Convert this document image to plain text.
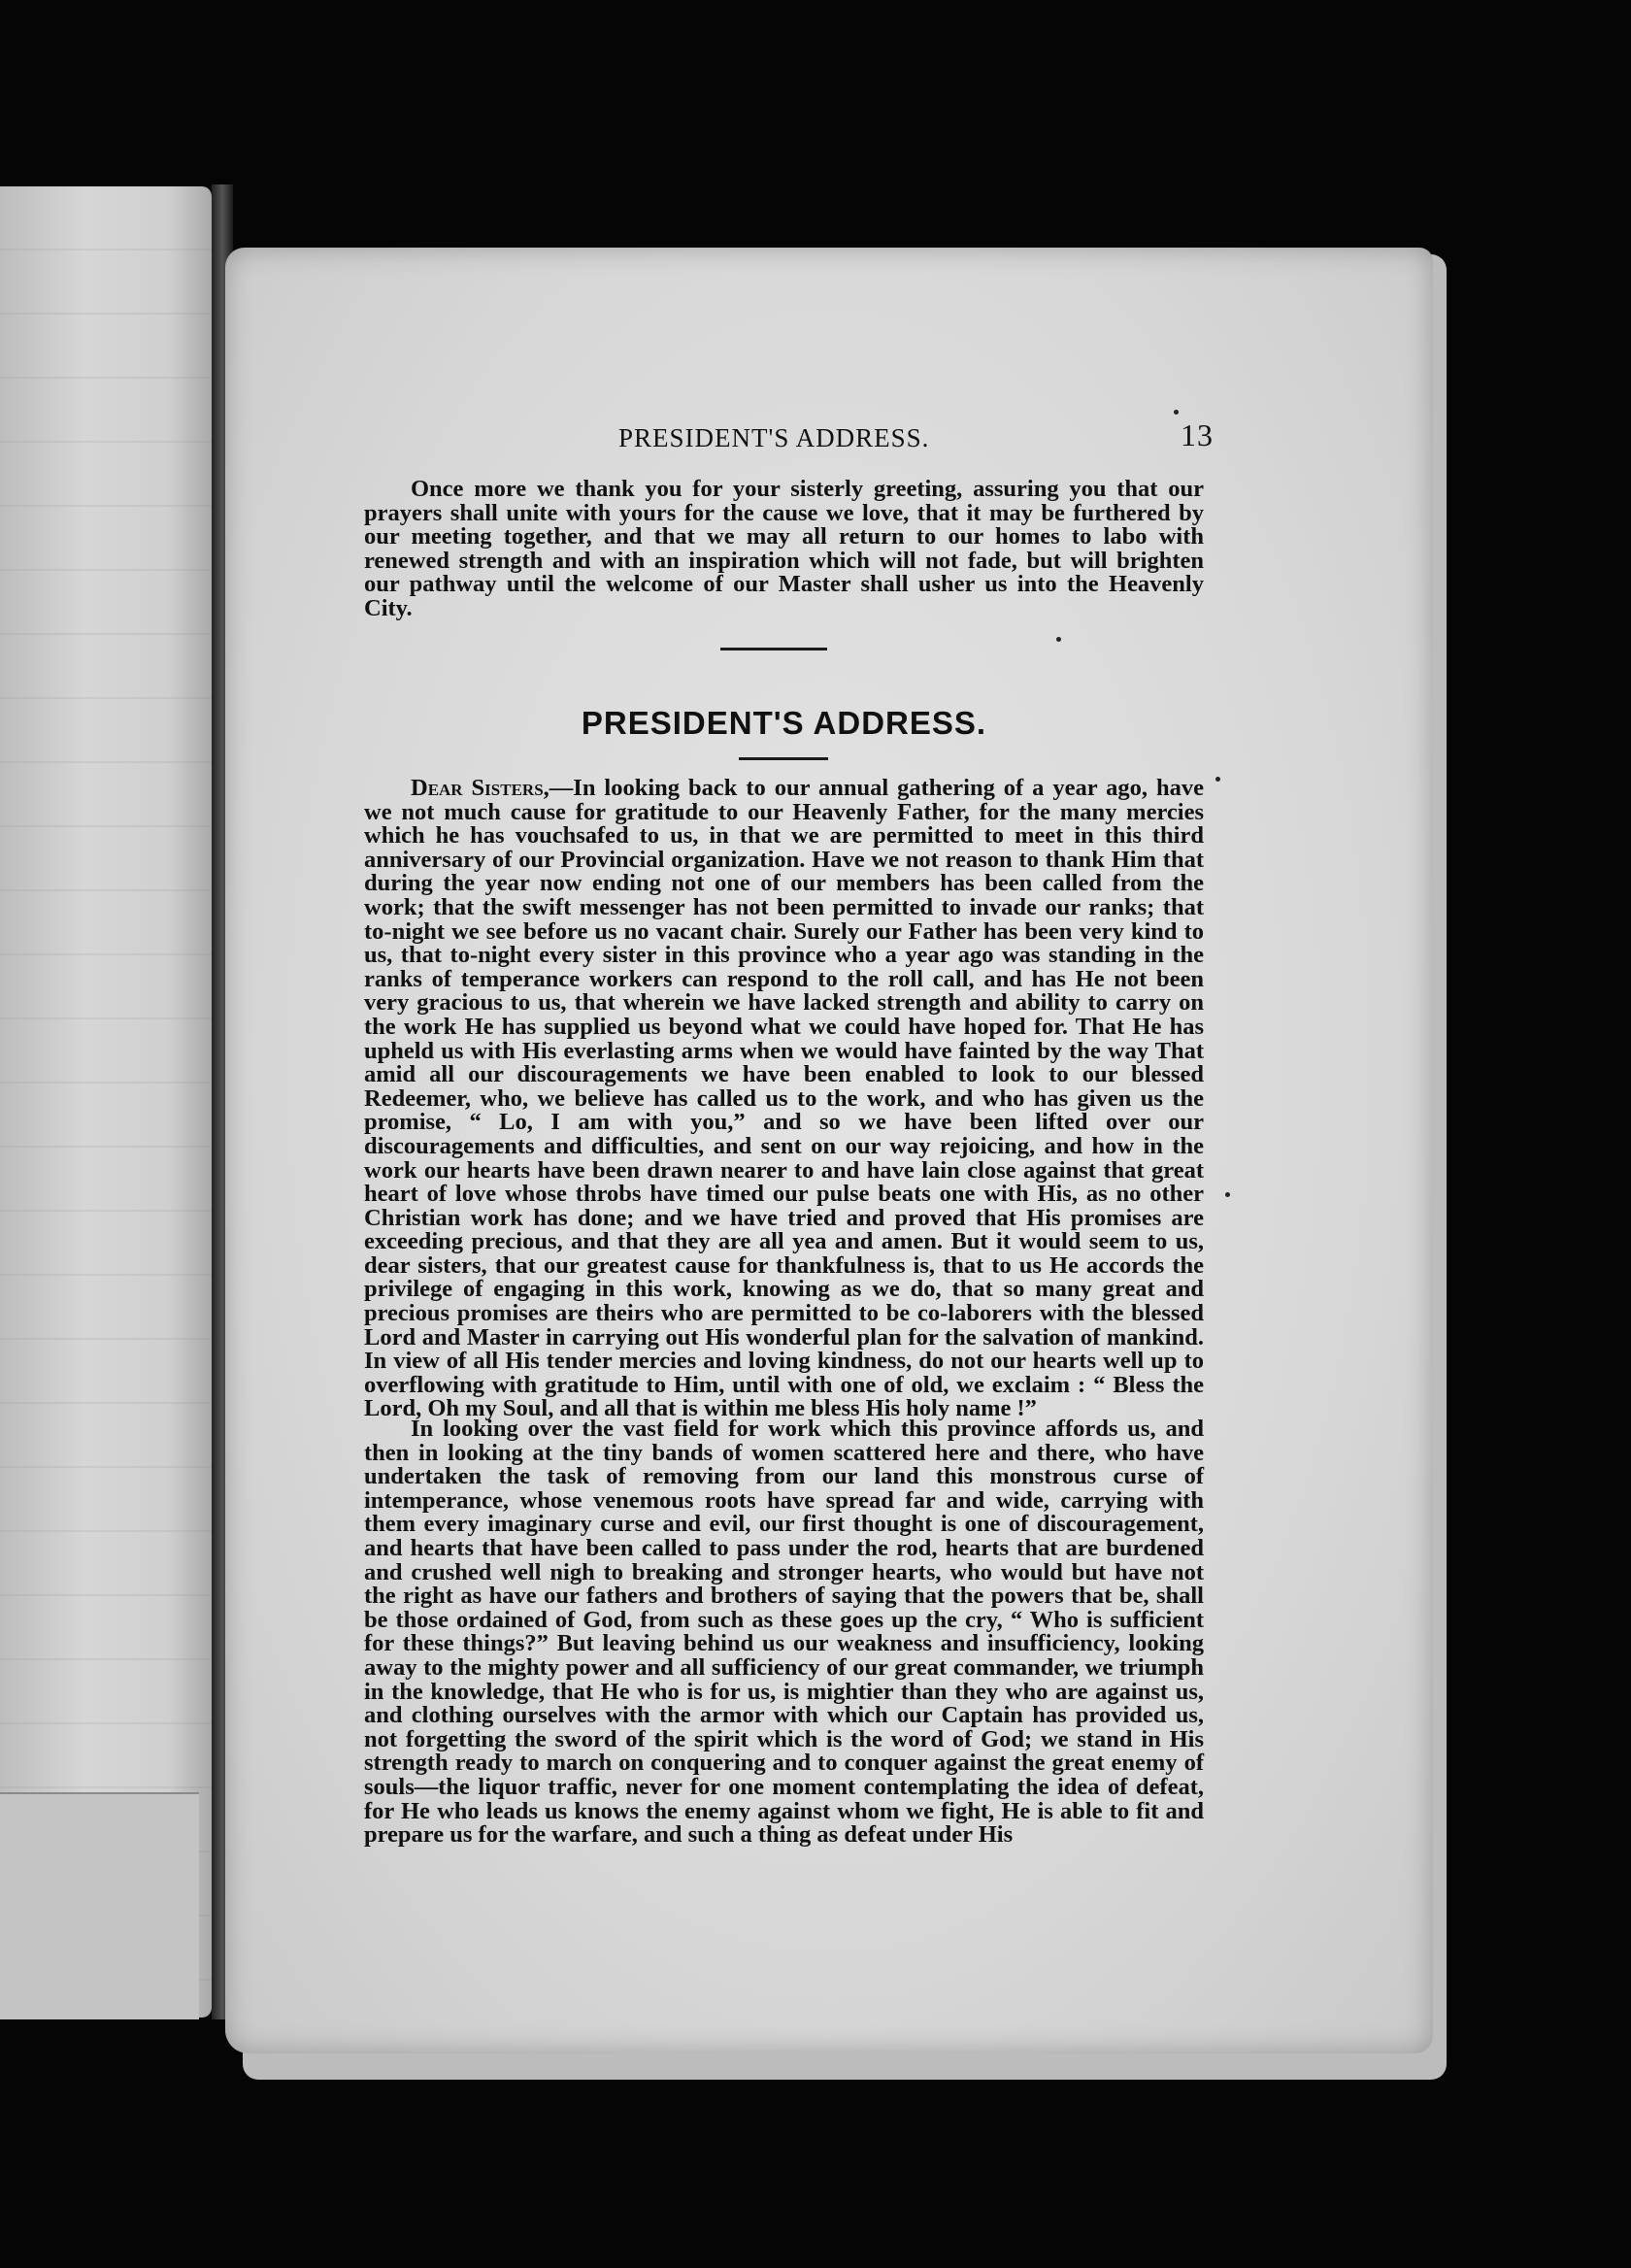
PRESIDENT'S ADDRESS.	13

Once more we thank you for your sisterly greeting, assuring you that our prayers shall unite with yours for the cause we love, that it may be furthered by our meeting together, and that we may all return to our homes to labo with renewed strength and with an inspiration which will not fade, but will brighten our pathway until the welcome of our Master shall usher us into the Heavenly City.

PRESIDENT'S ADDRESS.

Dear Sisters,—In looking back to our annual gathering of a year ago, have we not much cause for gratitude to our Heavenly Father, for the many mercies which he has vouchsafed to us, in that we are permitted to meet in this third anniversary of our Provincial organization. Have we not reason to thank Him that during the year now ending not one of our members has been called from the work; that the swift messenger has not been permitted to invade our ranks; that to-night we see before us no vacant chair. Surely our Father has been very kind to us, that to-night every sister in this province who a year ago was standing in the ranks of temperance workers can respond to the roll call, and has He not been very gracious to us, that wherein we have lacked strength and ability to carry on the work He has supplied us beyond what we could have hoped for. That He has upheld us with His everlasting arms when we would have fainted by the way That amid all our discouragements we have been enabled to look to our blessed Redeemer, who, we believe has called us to the work, and who has given us the promise, “ Lo, I am with you,” and so we have been lifted over our discouragements and difficulties, and sent on our way rejoicing, and how in the work our hearts have been drawn nearer to and have lain close against that great heart of love whose throbs have timed our pulse beats one with His, as no other Christian work has done; and we have tried and proved that His promises are exceeding precious, and that they are all yea and amen. But it would seem to us, dear sisters, that our greatest cause for thankfulness is, that to us He accords the privilege of engaging in this work, knowing as we do, that so many great and precious promises are theirs who are permitted to be co-laborers with the blessed Lord and Master in carrying out His wonderful plan for the salvation of mankind. In view of all His tender mercies and loving kindness, do not our hearts well up to overflowing with gratitude to Him, until with one of old, we exclaim : “ Bless the Lord, Oh my Soul, and all that is within me bless His holy name !”

In looking over the vast field for work which this province affords us, and then in looking at the tiny bands of women scattered here and there, who have undertaken the task of removing from our land this monstrous curse of intemperance, whose venemous roots have spread far and wide, carrying with them every imaginary curse and evil, our first thought is one of discouragement, and hearts that have been called to pass under the rod, hearts that are burdened and crushed well nigh to breaking and stronger hearts, who would but have not the right as have our fathers and brothers of saying that the powers that be, shall be those ordained of God, from such as these goes up the cry, “ Who is sufficient for these things?” But leaving behind us our weakness and insufficiency, looking away to the mighty power and all sufficiency of our great commander, we triumph in the knowledge, that He who is for us, is mightier than they who are against us, and clothing ourselves with the armor with which our Captain has provided us, not forgetting the sword of the spirit which is the word of God; we stand in His strength ready to march on conquering and to conquer against the great enemy of souls—the liquor traffic, never for one moment contemplating the idea of defeat, for He who leads us knows the enemy against whom we fight, He is able to fit and prepare us for the warfare, and such a thing as defeat under His
